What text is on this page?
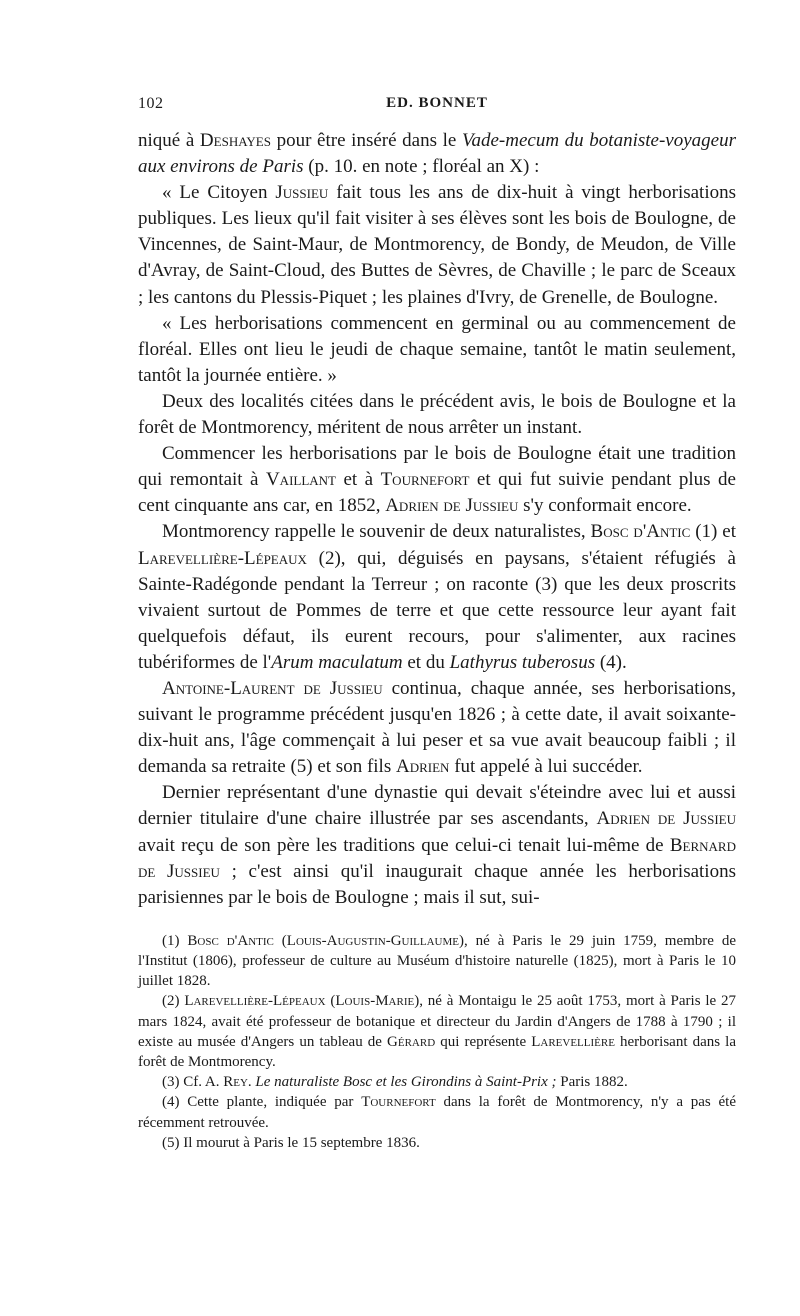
102	ED. BONNET

niqué à Deshayes pour être inséré dans le Vade-mecum du botaniste-voyageur aux environs de Paris (p. 10. en note ; floréal an X) :

« Le Citoyen Jussieu fait tous les ans de dix-huit à vingt herborisations publiques. Les lieux qu'il fait visiter à ses élèves sont les bois de Boulogne, de Vincennes, de Saint-Maur, de Montmorency, de Bondy, de Meudon, de Ville d'Avray, de Saint-Cloud, des Buttes de Sèvres, de Chaville ; le parc de Sceaux ; les cantons du Plessis-Piquet ; les plaines d'Ivry, de Grenelle, de Boulogne.

« Les herborisations commencent en germinal ou au commencement de floréal. Elles ont lieu le jeudi de chaque semaine, tantôt le matin seulement, tantôt la journée entière. »

Deux des localités citées dans le précédent avis, le bois de Boulogne et la forêt de Montmorency, méritent de nous arrêter un instant.

Commencer les herborisations par le bois de Boulogne était une tradition qui remontait à Vaillant et à Tournefort et qui fut suivie pendant plus de cent cinquante ans car, en 1852, Adrien de Jussieu s'y conformait encore.

Montmorency rappelle le souvenir de deux naturalistes, Bosc d'Antic (1) et Larevellière-Lépeaux (2), qui, déguisés en paysans, s'étaient réfugiés à Sainte-Radégonde pendant la Terreur ; on raconte (3) que les deux proscrits vivaient surtout de Pommes de terre et que cette ressource leur ayant fait quelquefois défaut, ils eurent recours, pour s'alimenter, aux racines tubériformes de l'Arum maculatum et du Lathyrus tuberosus (4).

Antoine-Laurent de Jussieu continua, chaque année, ses herborisations, suivant le programme précédent jusqu'en 1826 ; à cette date, il avait soixante-dix-huit ans, l'âge commençait à lui peser et sa vue avait beaucoup faibli ; il demanda sa retraite (5) et son fils Adrien fut appelé à lui succéder.

Dernier représentant d'une dynastie qui devait s'éteindre avec lui et aussi dernier titulaire d'une chaire illustrée par ses ascendants, Adrien de Jussieu avait reçu de son père les traditions que celui-ci tenait lui-même de Bernard de Jussieu ; c'est ainsi qu'il inaugurait chaque année les herborisations parisiennes par le bois de Boulogne ; mais il sut, sui-

(1) Bosc d'Antic (Louis-Augustin-Guillaume), né à Paris le 29 juin 1759, membre de l'Institut (1806), professeur de culture au Muséum d'histoire naturelle (1825), mort à Paris le 10 juillet 1828.

(2) Larevellière-Lépeaux (Louis-Marie), né à Montaigu le 25 août 1753, mort à Paris le 27 mars 1824, avait été professeur de botanique et directeur du Jardin d'Angers de 1788 à 1790 ; il existe au musée d'Angers un tableau de Gérard qui représente Larevellière herborisant dans la forêt de Montmorency.

(3) Cf. A. Rey. Le naturaliste Bosc et les Girondins à Saint-Prix ; Paris 1882.

(4) Cette plante, indiquée par Tournefort dans la forêt de Montmorency, n'y a pas été récemment retrouvée.

(5) Il mourut à Paris le 15 septembre 1836.
